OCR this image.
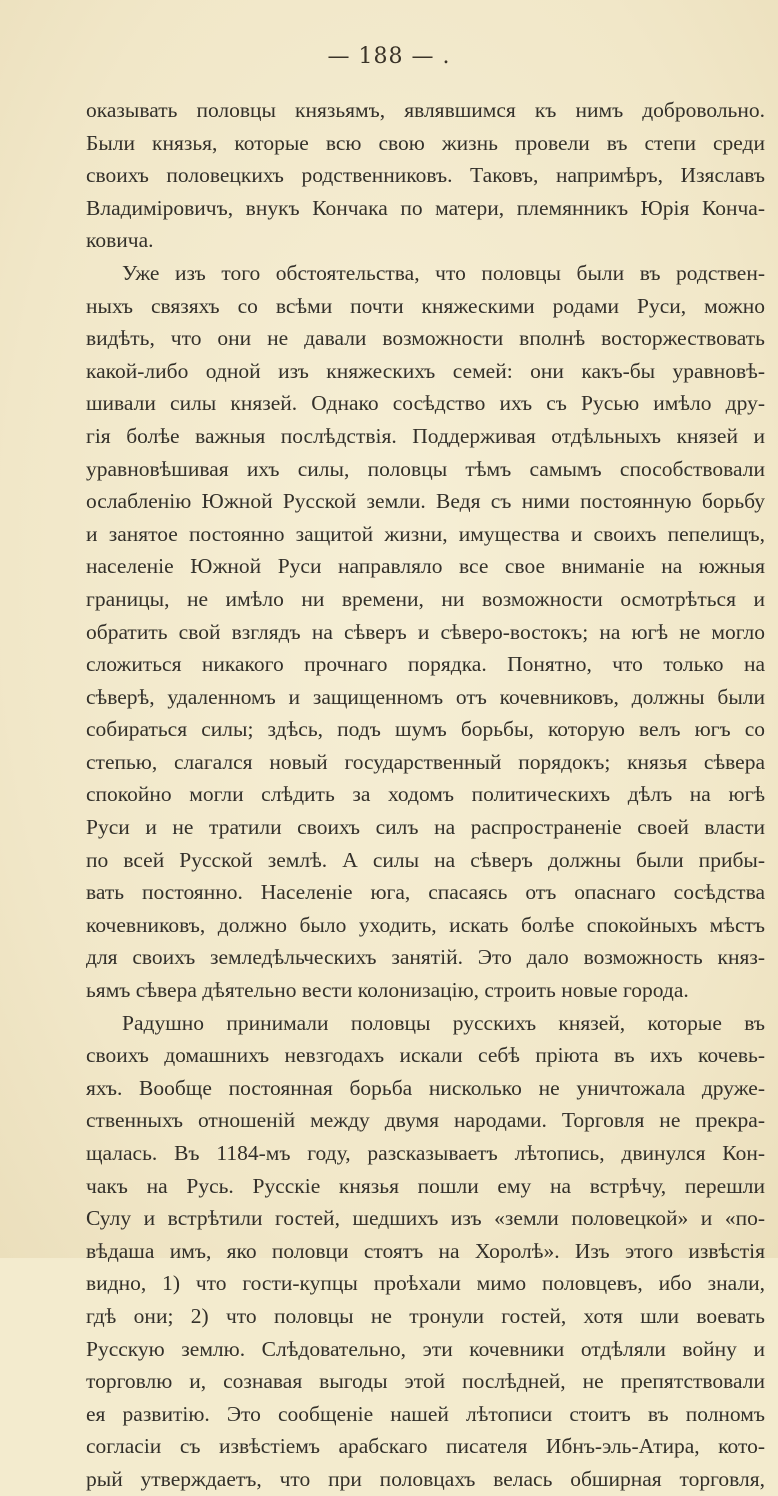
— 188 — .
оказывать половцы князьямъ, являвшимся къ нимъ добровольно.
Были князья, которые всю свою жизнь провели въ степи среди
своихъ половецкихъ родственниковъ. Таковъ, напримѣръ, Изяславъ
Владиміровичъ, внукъ Кончака по матери, племянникъ Юрія Конча-
ковича.
Уже изъ того обстоятельства, что половцы были въ родствен-
ныхъ связяхъ со всѣми почти княжескими родами Руси, можно
видѣть, что они не давали возможности вполнѣ восторжествовать
какой-либо одной изъ княжескихъ семей: они какъ-бы уравновѣ-
шивали силы князей. Однако сосѣдство ихъ съ Русью имѣло дру-
гія болѣе важныя послѣдствія. Поддерживая отдѣльныхъ князей и
уравновѣшивая ихъ силы, половцы тѣмъ самымъ способствовали
ослабленію Южной Русской земли. Ведя съ ними постоянную борьбу
и занятое постоянно защитой жизни, имущества и своихъ пепелищъ,
населеніе Южной Руси направляло все свое вниманіе на южныя
границы, не имѣло ни времени, ни возможности осмотрѣться и
обратить свой взглядъ на сѣверъ и сѣверо-востокъ; на югѣ не могло
сложиться никакого прочнаго порядка. Понятно, что только на
сѣверѣ, удаленномъ и защищенномъ отъ кочевниковъ, должны были
собираться силы; здѣсь, подъ шумъ борьбы, которую велъ югъ со
степью, слагался новый государственный порядокъ; князья сѣвера
спокойно могли слѣдить за ходомъ политическихъ дѣлъ на югѣ
Руси и не тратили своихъ силъ на распространеніе своей власти
по всей Русской землѣ. А силы на сѣверъ должны были прибы-
вать постоянно. Населеніе юга, спасаясь отъ опаснаго сосѣдства
кочевниковъ, должно было уходить, искать болѣе спокойныхъ мѣстъ
для своихъ земледѣльческихъ занятій. Это дало возможность княз-
ьямъ сѣвера дѣятельно вести колонизацію, строить новые города.
Радушно принимали половцы русскихъ князей, которые въ
своихъ домашнихъ невзгодахъ искали себѣ пріюта въ ихъ кочевь-
яхъ. Вообще постоянная борьба нисколько не уничтожала друже-
ственныхъ отношеній между двумя народами. Торговля не прекра-
щалась. Въ 1184-мъ году, разсказываетъ лѣтопись, двинулся Кон-
чакъ на Русь. Русскіе князья пошли ему на встрѣчу, перешли
Сулу и встрѣтили гостей, шедшихъ изъ «земли половецкой» и «по-
вѣдаша имъ, яко половци стоятъ на Хоролѣ». Изъ этого извѣстія
видно, 1) что гости-купцы проѣхали мимо половцевъ, ибо знали,
гдѣ они; 2) что половцы не тронули гостей, хотя шли воевать
Русскую землю. Слѣдовательно, эти кочевники отдѣляли войну и
торговлю и, сознавая выгоды этой послѣдней, не препятствовали
ея развитію. Это сообщеніе нашей лѣтописи стоитъ въ полномъ
согласіи съ извѣстіемъ арабскаго писателя Ибнъ-эль-Атира, кото-
рый утверждаетъ, что при половцахъ велась обширная торговля,
